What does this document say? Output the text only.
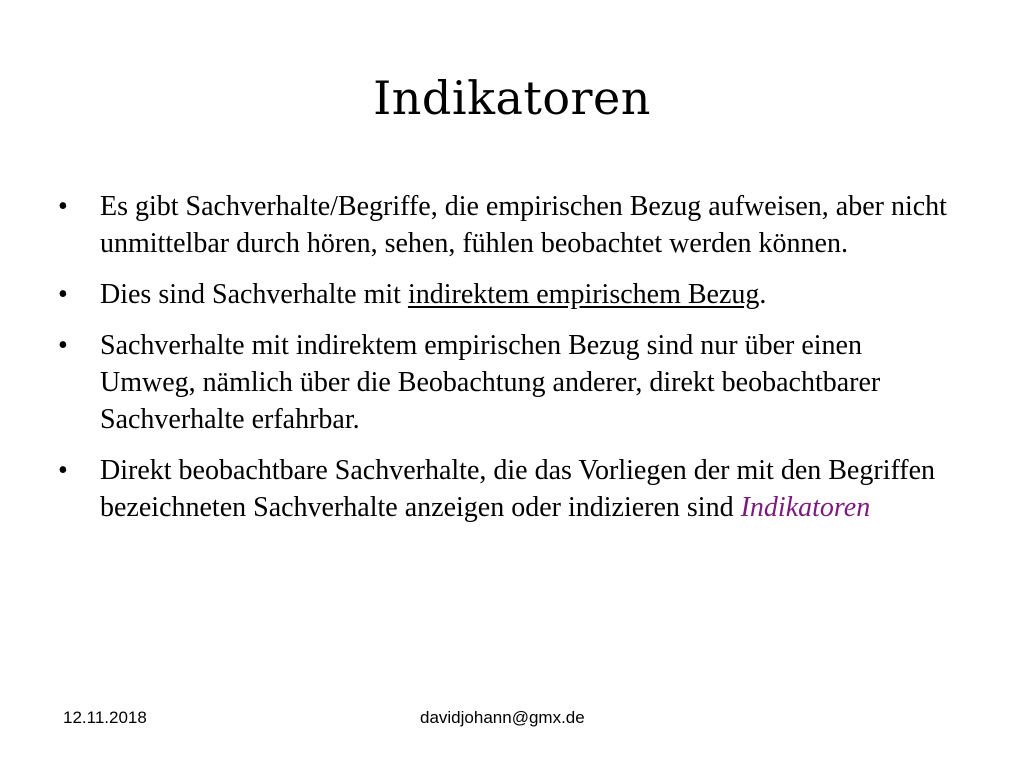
Indikatoren
•	Es gibt Sachverhalte/Begriffe, die empirischen Bezug aufweisen, aber nicht unmittelbar durch hören, sehen, fühlen beobachtet werden können.
•	Dies sind Sachverhalte mit indirektem empirischem Bezug.
•	Sachverhalte mit indirektem empirischen Bezug sind nur über einen Umweg, nämlich über die Beobachtung anderer, direkt beobachtbarer Sachverhalte erfahrbar.
•	Direkt beobachtbare Sachverhalte, die das Vorliegen der mit den Begriffen bezeichneten Sachverhalte anzeigen oder indizieren sind Indikatoren
12.11.2018	davidjohann@gmx.de
